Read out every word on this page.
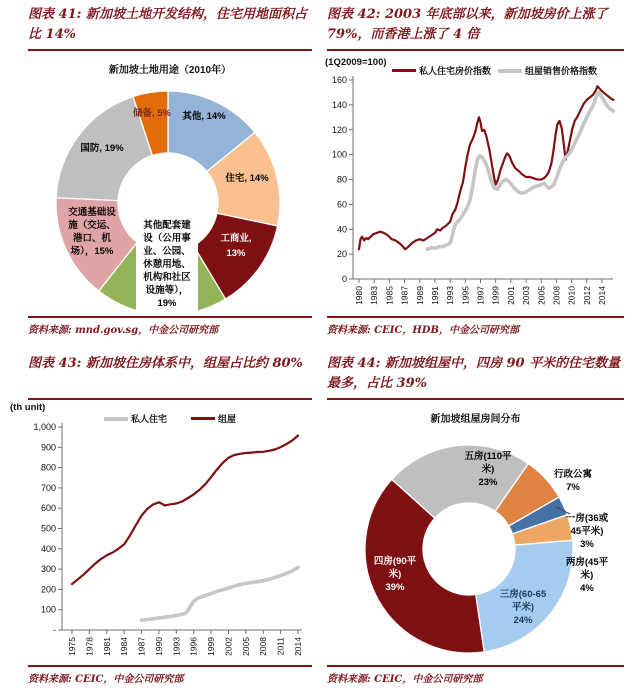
其他, 14%
住宅, 14%
工商业, 13%
其他配套建设（公用事业、公园、休憩用地、机构和社区设施等）， 19%
交通基础设施（交运、港口、机场），15%
国防, 19%
储备, 5%
图表 41: 新加坡土地开发结构，住宅用地面积占比 14%
新加坡土地用途（2010年）
资料来源: mnd.gov.sg，中金公司研究部
0
20
40
60
80
100
120
140
160
1980 1983 1985 1987 1989 1991 1993 1995 1997 1999 2001 2003 2005 2008 2010 2012 2014
图表 42: 2003 年底部以来，新加坡房价上涨了 79%，而香港上涨了 4 倍
(1Q2009=100)
私人住宅房价指数	组屋销售价格指数
资料来源: CEIC，HDB，中金公司研究部
-
100
200
300
400
500
600
700
800
900
1,000
1975 1978 1981 1984 1987 1990 1993 1996 1999 2002 2005 2008 2011 2014
图表 43: 新加坡住房体系中，组屋占比约 80%
(th unit)
私人住宅	组屋
资料来源: CEIC，中金公司研究部
五房(110平米) 23%
行政公寓 7%
一房(36或 45平米) 3%
两房(45平米) 4%
三房(60-65 平米) 24%
四房(90平米) 39%
图表 44: 新加坡组屋中，四房 90 平米的住宅数量最多，占比 39%
新加坡组屋房间分布
资料来源: CEIC，中金公司研究部
